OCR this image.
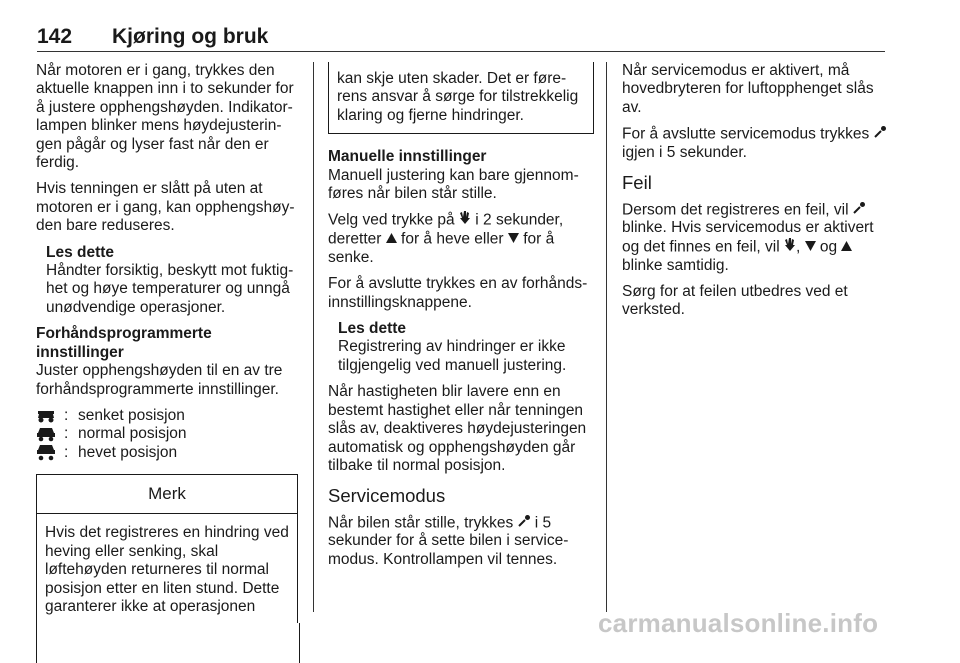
142 Kjøring og bruk

Når motoren er i gang, trykkes den aktuelle knappen inn i to sekunder for å justere opphengshøyden. Indikatorlampen blinker mens høydejusteringen pågår og lyser fast når den er ferdig.

Hvis tenningen er slått på uten at motoren er i gang, kan opphengshøyden bare reduseres.

Les dette
Håndter forsiktig, beskytt mot fuktighet og høye temperaturer og unngå unødvendige operasjoner.
Forhåndsprogrammerte innstillinger

Juster opphengshøyden til en av tre forhåndsprogrammerte innstillinger.

: senket posisjon
: normal posisjon
: hevet posisjon
Merk
Hvis det registreres en hindring ved heving eller senking, skal løftehøyden returneres til normal posisjon etter en liten stund. Dette garanterer ikke at operasjonen
kan skje uten skader. Det er førerens ansvar å sørge for tilstrekkelig klaring og fjerne hindringer.
Manuelle innstillinger

Manuell justering kan bare gjennomføres når bilen står stille.

Velg ved trykke på  i 2 sekunder, deretter  for å heve eller  for å senke.

For å avslutte trykkes en av forhåndsinnstillingsknappene.

Les dette
Registrering av hindringer er ikke tilgjengelig ved manuell justering.

Når hastigheten blir lavere enn en bestemt hastighet eller når tenningen slås av, deaktiveres høydejusteringen automatisk og opphengshøyden går tilbake til normal posisjon.

Servicemodus

Når bilen står stille, trykkes  i 5 sekunder for å sette bilen i servicemodus. Kontrollampen vil tennes.

Når servicemodus er aktivert, må hovedbryteren for luftopphenget slås av.

For å avslutte servicemodus trykkes  igjen i 5 sekunder.

Feil

Dersom det registreres en feil, vil  blinke. Hvis servicemodus er aktivert og det finnes en feil, vil ,  og  blinke samtidig.

Sørg for at feilen utbedres ved et verksted.

carmanualsonline.info
